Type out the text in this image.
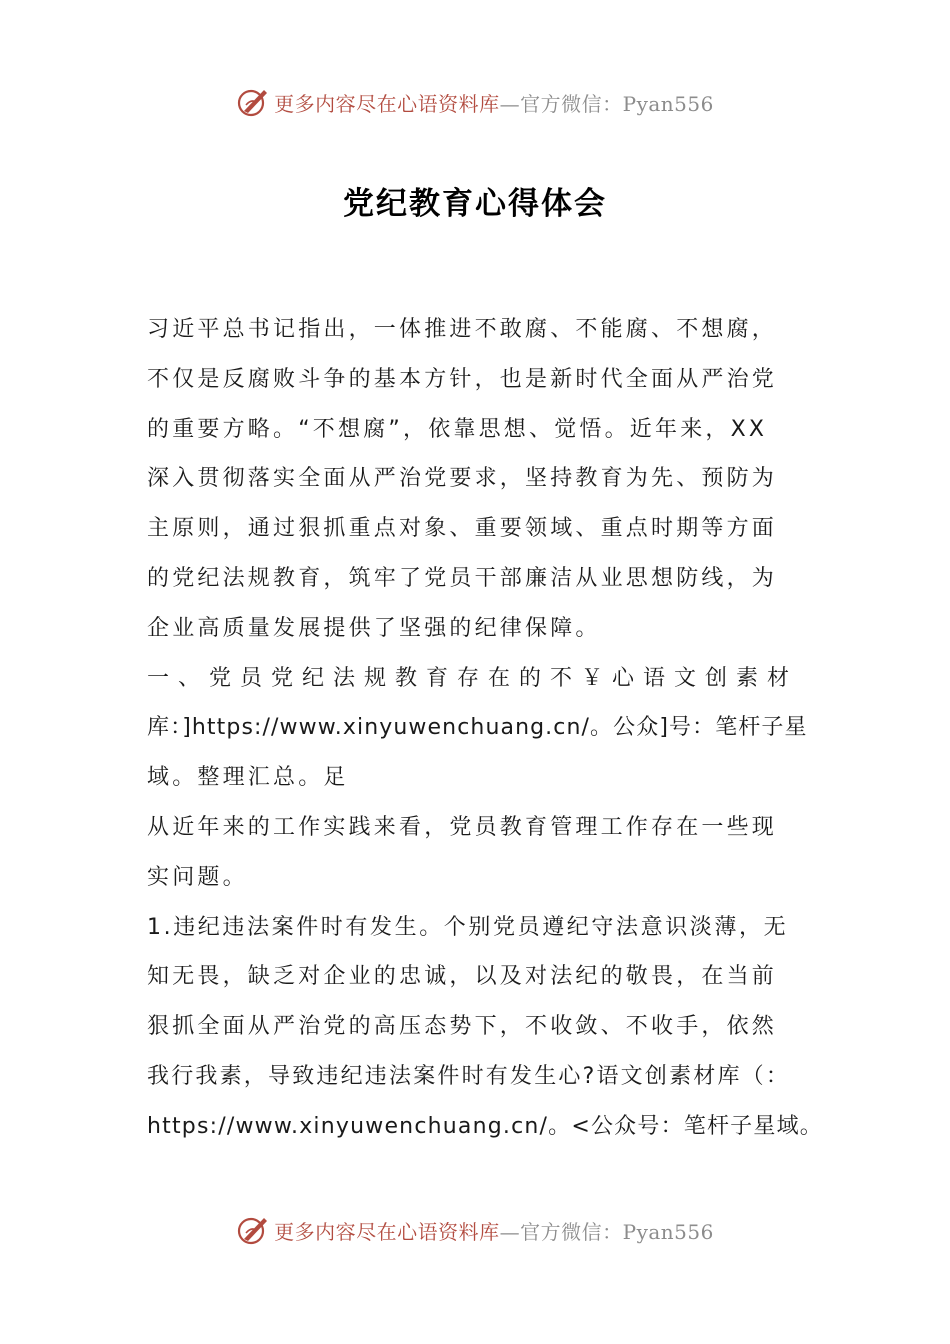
更多内容尽在心语资料库—官方微信：Pyan556
党纪教育心得体会
习近平总书记指出，一体推进不敢腐、不能腐、不想腐，
不仅是反腐败斗争的基本方针，也是新时代全面从严治党
的重要方略。“不想腐”，依靠思想、觉悟。近年来，XX
深入贯彻落实全面从严治党要求，坚持教育为先、预防为
主原则，通过狠抓重点对象、重要领域、重点时期等方面
的党纪法规教育，筑牢了党员干部廉洁从业思想防线，为
企业高质量发展提供了坚强的纪律保障。
一、党员党纪法规教育存在的不￥心语文创素材
库：]https://www.xinyuwenchuang.cn/。公众]号：笔杆子星
域。整理汇总。足
从近年来的工作实践来看，党员教育管理工作存在一些现
实问题。
1.违纪违法案件时有发生。个别党员遵纪守法意识淡薄，无
知无畏，缺乏对企业的忠诚，以及对法纪的敬畏，在当前
狠抓全面从严治党的高压态势下，不收敛、不收手，依然
我行我素，导致违纪违法案件时有发生心?语文创素材库（：
https://www.xinyuwenchuang.cn/。<公众号：笔杆子星域。
更多内容尽在心语资料库—官方微信：Pyan556
